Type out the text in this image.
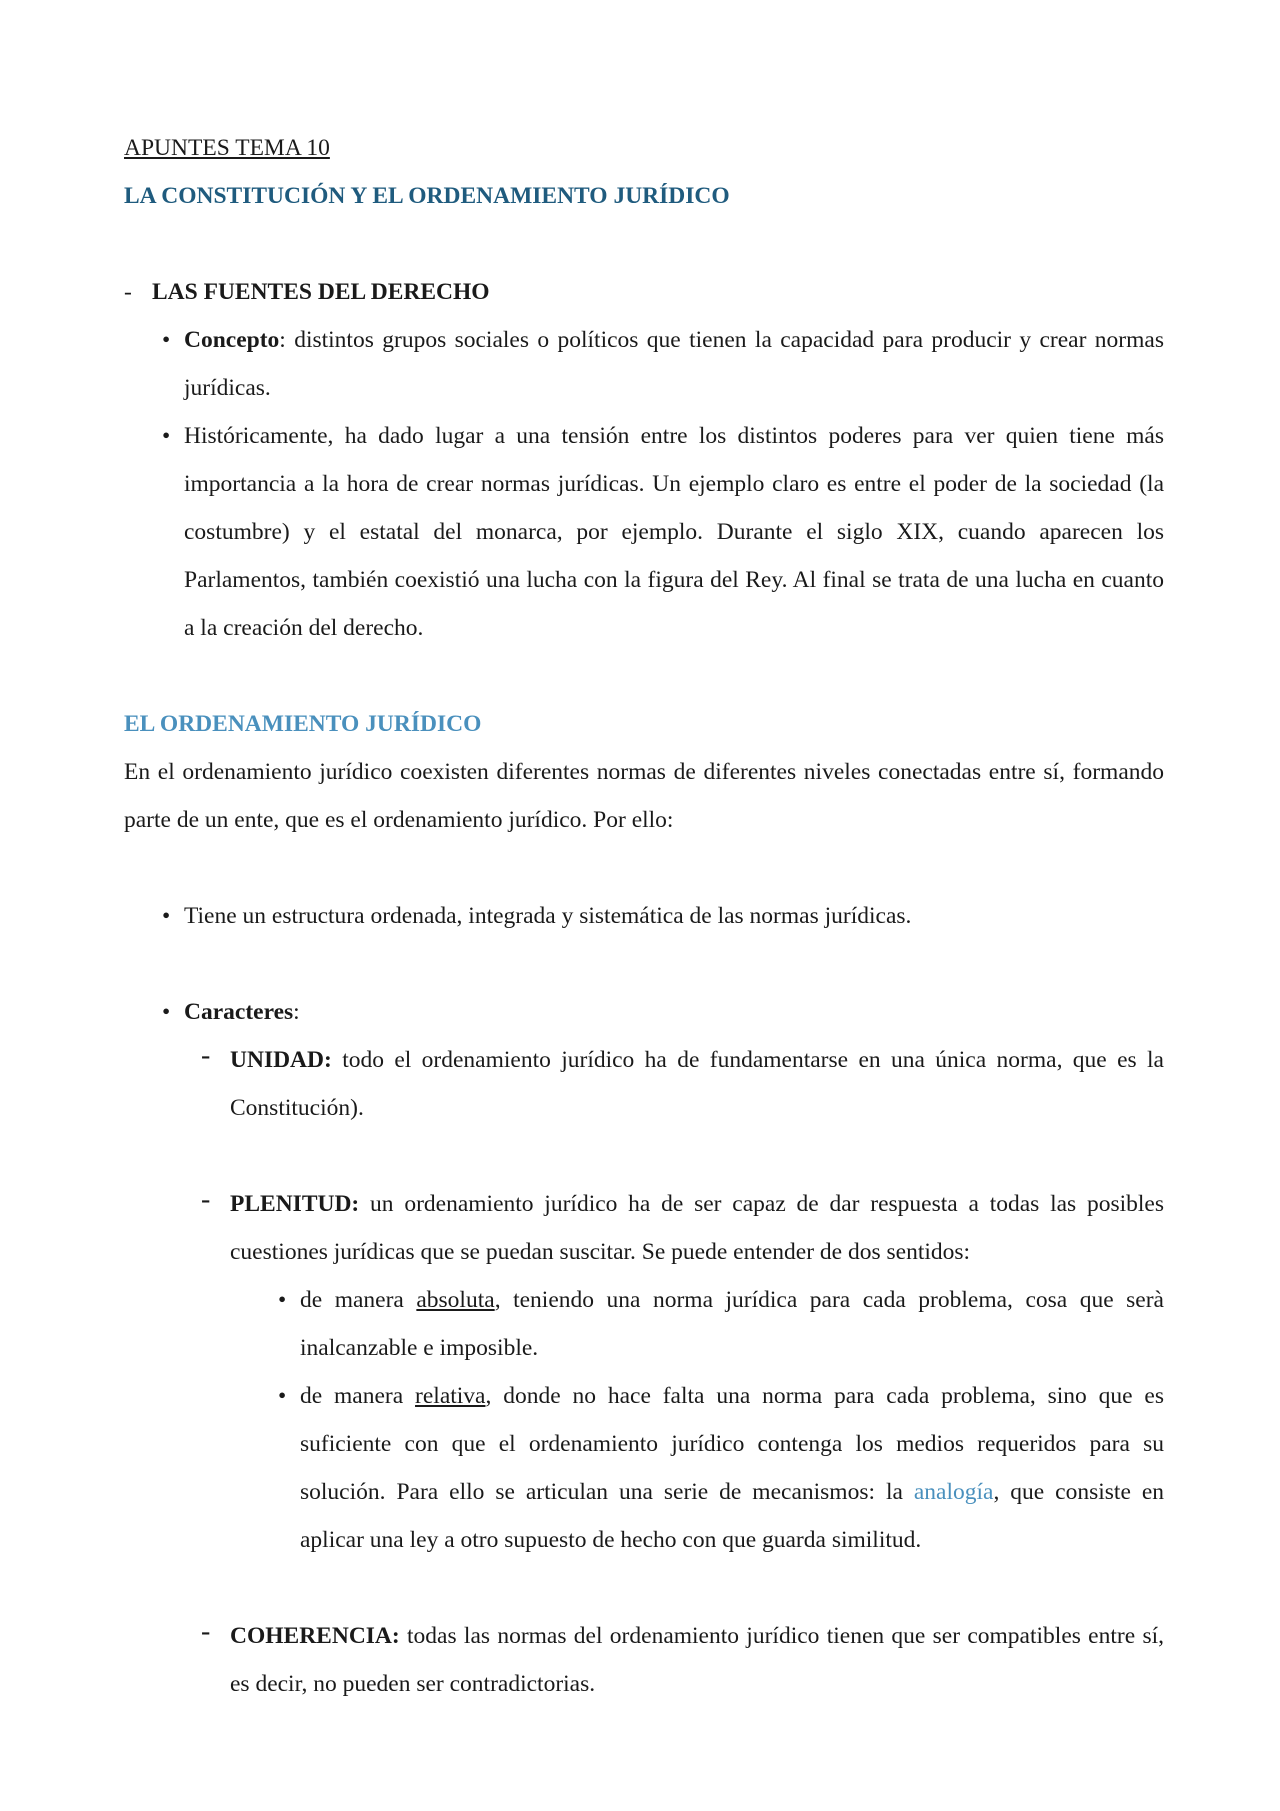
APUNTES TEMA 10

LA CONSTITUCIÓN Y EL ORDENAMIENTO JURÍDICO

- LAS FUENTES DEL DERECHO
• Concepto: distintos grupos sociales o políticos que tienen la capacidad para producir y crear normas jurídicas.
• Históricamente, ha dado lugar a una tensión entre los distintos poderes para ver quien tiene más importancia a la hora de crear normas jurídicas. Un ejemplo claro es entre el poder de la sociedad (la costumbre) y el estatal del monarca, por ejemplo. Durante el siglo XIX, cuando aparecen los Parlamentos, también coexistió una lucha con la figura del Rey. Al final se trata de una lucha en cuanto a la creación del derecho.
EL ORDENAMIENTO JURÍDICO
En el ordenamiento jurídico coexisten diferentes normas de diferentes niveles conectadas entre sí, formando parte de un ente, que es el ordenamiento jurídico. Por ello:
• Tiene un estructura ordenada, integrada y sistemática de las normas jurídicas.
• Caracteres:
- UNIDAD: todo el ordenamiento jurídico ha de fundamentarse en una única norma, que es la Constitución).
- PLENITUD: un ordenamiento jurídico ha de ser capaz de dar respuesta a todas las posibles cuestiones jurídicas que se puedan suscitar. Se puede entender de dos sentidos:
• de manera absoluta, teniendo una norma jurídica para cada problema, cosa que serà inalcanzable e imposible.
• de manera relativa, donde no hace falta una norma para cada problema, sino que es suficiente con que el ordenamiento jurídico contenga los medios requeridos para su solución. Para ello se articulan una serie de mecanismos: la analogía, que consiste en aplicar una ley a otro supuesto de hecho con que guarda similitud.
- COHERENCIA: todas las normas del ordenamiento jurídico tienen que ser compatibles entre sí, es decir, no pueden ser contradictorias.
